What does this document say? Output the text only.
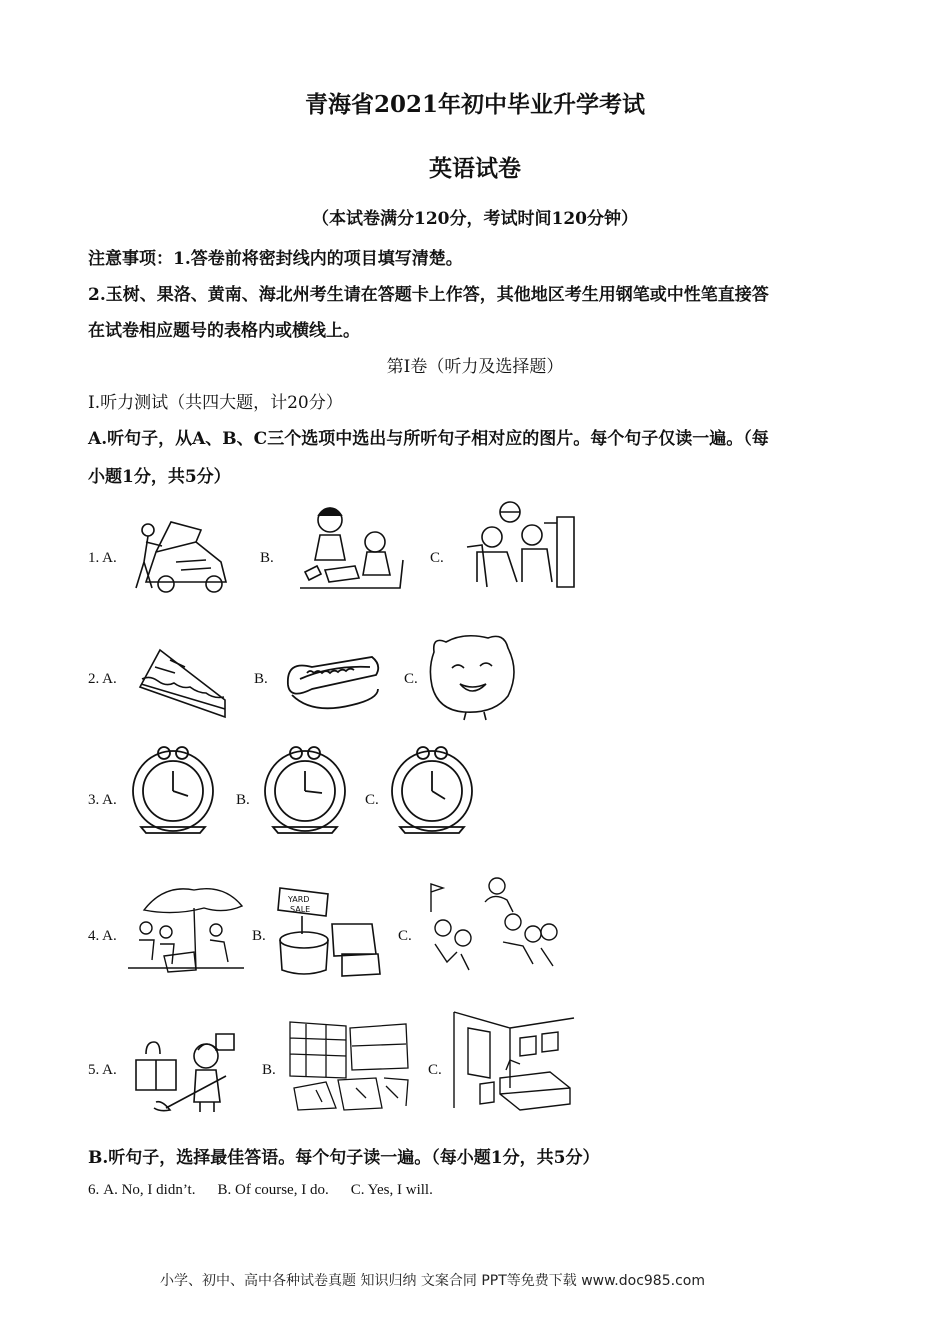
青海省2021年初中毕业升学考试
英语试卷
（本试卷满分120分，考试时间120分钟）
注意事项：1.答卷前将密封线内的项目填写清楚。
2.玉树、果洛、黄南、海北州考生请在答题卡上作答，其他地区考生用钢笔或中性笔直接答
在试卷相应题号的表格内或横线上。
第Ⅰ卷（听力及选择题）
Ⅰ.听力测试（共四大题，计20分）
A.听句子，从A、B、C三个选项中选出与所听句子相对应的图片。每个句子仅读一遍。（每
小题1分，共5分）
1. A.	B.	C.
2. A.	B.	C.
3. A.	B.	C.
4. A.	B.
YARD
SALE
C.
5. A.	B.	C.
B.听句子，选择最佳答语。每个句子读一遍。（每小题1分，共5分）
6. A. No, I didn’t. B. Of course, I do. C. Yes, I will.
小学、初中、高中各种试卷真题 知识归纳 文案合同 PPT等免费下载 www.doc985.com
